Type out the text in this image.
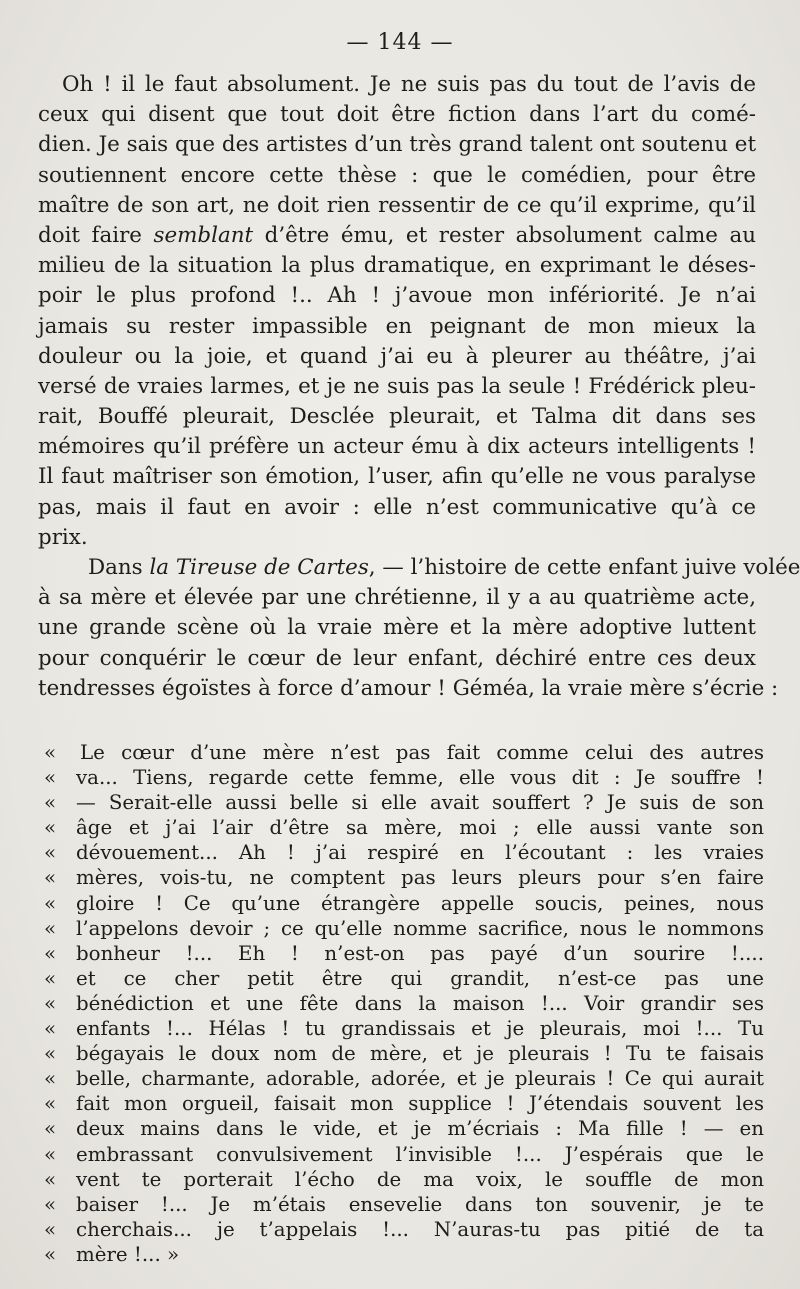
— 144 —
Oh ! il le faut absolument. Je ne suis pas du tout de l’avis de
ceux qui disent que tout doit être fiction dans l’art du comé-
dien. Je sais que des artistes d’un très grand talent ont soutenu et
soutiennent encore cette thèse : que le comédien, pour être
maître de son art, ne doit rien ressentir de ce qu’il exprime, qu’il
doit faire semblant d’être ému, et rester absolument calme au
milieu de la situation la plus dramatique, en exprimant le déses-
poir le plus profond !.. Ah ! j’avoue mon infériorité. Je n’ai
jamais su rester impassible en peignant de mon mieux la
douleur ou la joie, et quand j’ai eu à pleurer au théâtre, j’ai
versé de vraies larmes, et je ne suis pas la seule ! Frédérick pleu-
rait, Bouffé pleurait, Desclée pleurait, et Talma dit dans ses
mémoires qu’il préfère un acteur ému à dix acteurs intelligents !
Il faut maîtriser son émotion, l’user, afin qu’elle ne vous paralyse
pas, mais il faut en avoir : elle n’est communicative qu’à ce
prix.
Dans la Tireuse de Cartes, — l’histoire de cette enfant juive volée
à sa mère et élevée par une chrétienne, il y a au quatrième acte,
une grande scène où la vraie mère et la mère adoptive luttent
pour conquérir le cœur de leur enfant, déchiré entre ces deux
tendresses égoïstes à force d’amour ! Géméa, la vraie mère s’écrie :
«	Le cœur d’une mère n’est pas fait comme celui des autres
«	va... Tiens, regarde cette femme, elle vous dit : Je souffre !
«	— Serait-elle aussi belle si elle avait souffert ? Je suis de son
«	âge et j’ai l’air d’être sa mère, moi ; elle aussi vante son
«	dévouement... Ah ! j’ai respiré en l’écoutant : les vraies
«	mères, vois-tu, ne comptent pas leurs pleurs pour s’en faire
«	gloire ! Ce qu’une étrangère appelle soucis, peines, nous
«	l’appelons devoir ; ce qu’elle nomme sacrifice, nous le nommons
«	bonheur !... Eh ! n’est-on pas payé d’un sourire !....
«	et ce cher petit être qui grandit, n’est-ce pas une
«	bénédiction et une fête dans la maison !... Voir grandir ses
«	enfants !... Hélas ! tu grandissais et je pleurais, moi !... Tu
«	bégayais le doux nom de mère, et je pleurais ! Tu te faisais
«	belle, charmante, adorable, adorée, et je pleurais ! Ce qui aurait
«	fait mon orgueil, faisait mon supplice ! J’étendais souvent les
«	deux mains dans le vide, et je m’écriais : Ma fille ! — en
«	embrassant convulsivement l’invisible !... J’espérais que le
«	vent te porterait l’écho de ma voix, le souffle de mon
«	baiser !... Je m’étais ensevelie dans ton souvenir, je te
«	cherchais... je t’appelais !... N’auras-tu pas pitié de ta
«	mère !... »
